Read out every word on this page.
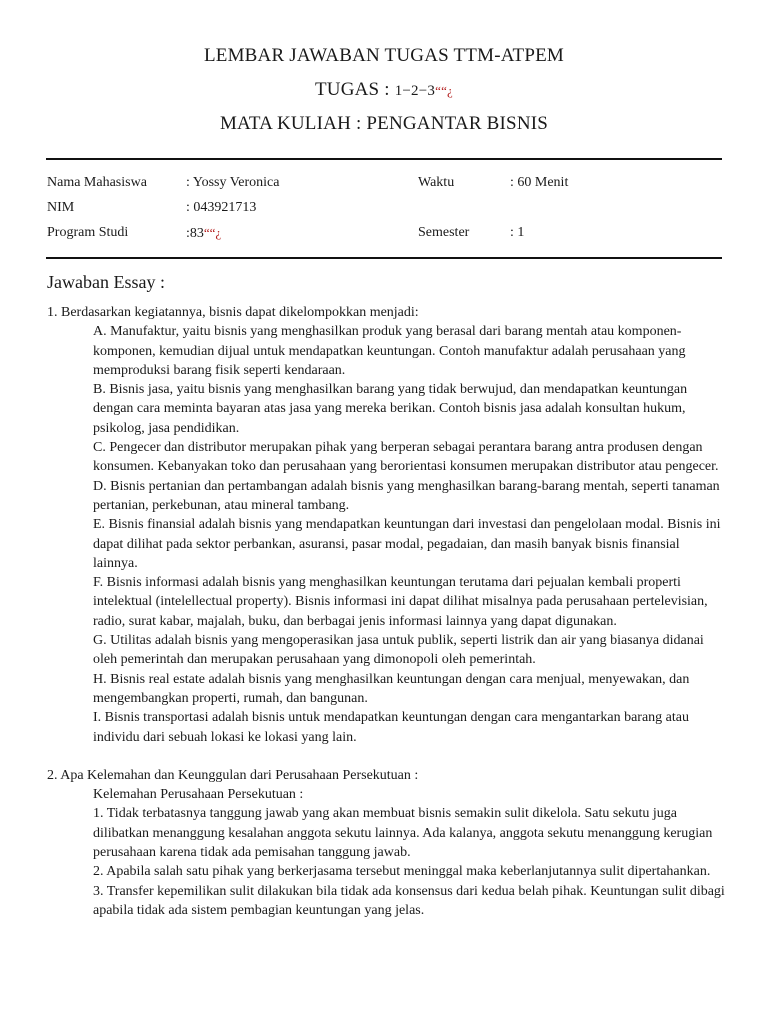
LEMBAR JAWABAN TUGAS TTM-ATPEM
TUGAS : 1−2−3““¿
MATA KULIAH : PENGANTAR BISNIS
Nama Mahasiswa	: Yossy Veronica	Waktu	: 60 Menit
NIM	: 043921713
Program Studi	:83““¿	Semester	: 1
Jawaban Essay :

1. Berdasarkan kegiatannya, bisnis dapat dikelompokkan menjadi:

A. Manufaktur, yaitu bisnis yang menghasilkan produk yang berasal dari barang mentah atau komponen-komponen, kemudian dijual untuk mendapatkan keuntungan. Contoh manufaktur adalah perusahaan yang memproduksi barang fisik seperti kendaraan.

B. Bisnis jasa, yaitu bisnis yang menghasilkan barang yang tidak berwujud, dan mendapatkan keuntungan dengan cara meminta bayaran atas jasa yang mereka berikan. Contoh bisnis jasa adalah konsultan hukum, psikolog, jasa pendidikan.

C. Pengecer dan distributor merupakan pihak yang berperan sebagai perantara barang antra produsen dengan konsumen. Kebanyakan toko dan perusahaan yang berorientasi konsumen merupakan distributor atau pengecer.

D. Bisnis pertanian dan pertambangan adalah bisnis yang menghasilkan barang-barang mentah, seperti tanaman pertanian, perkebunan, atau mineral tambang.

E. Bisnis finansial adalah bisnis yang mendapatkan keuntungan dari investasi dan pengelolaan modal. Bisnis ini dapat dilihat pada sektor perbankan, asuransi, pasar modal, pegadaian, dan masih banyak bisnis finansial lainnya.

F. Bisnis informasi adalah bisnis yang menghasilkan keuntungan terutama dari pejualan kembali properti intelektual (intelellectual property). Bisnis informasi ini dapat dilihat misalnya pada perusahaan pertelevisian, radio, surat kabar, majalah, buku, dan berbagai jenis informasi lainnya yang dapat digunakan.

G. Utilitas adalah bisnis yang mengoperasikan jasa untuk publik, seperti listrik dan air yang biasanya didanai oleh pemerintah dan merupakan perusahaan yang dimonopoli oleh pemerintah.

H. Bisnis real estate adalah bisnis yang menghasilkan keuntungan dengan cara menjual, menyewakan, dan mengembangkan properti, rumah, dan bangunan.

I. Bisnis transportasi adalah bisnis untuk mendapatkan keuntungan dengan cara mengantarkan barang atau individu dari sebuah lokasi ke lokasi yang lain.

2. Apa Kelemahan dan Keunggulan dari Perusahaan Persekutuan :

Kelemahan Perusahaan Persekutuan :

1. Tidak terbatasnya tanggung jawab yang akan membuat bisnis semakin sulit dikelola. Satu sekutu juga dilibatkan menanggung kesalahan anggota sekutu lainnya. Ada kalanya, anggota sekutu menanggung kerugian perusahaan karena tidak ada pemisahan tanggung jawab.

2. Apabila salah satu pihak yang berkerjasama tersebut meninggal maka keberlanjutannya sulit dipertahankan.

3. Transfer kepemilikan sulit dilakukan bila tidak ada konsensus dari kedua belah pihak. Keuntungan sulit dibagi apabila tidak ada sistem pembagian keuntungan yang jelas.
